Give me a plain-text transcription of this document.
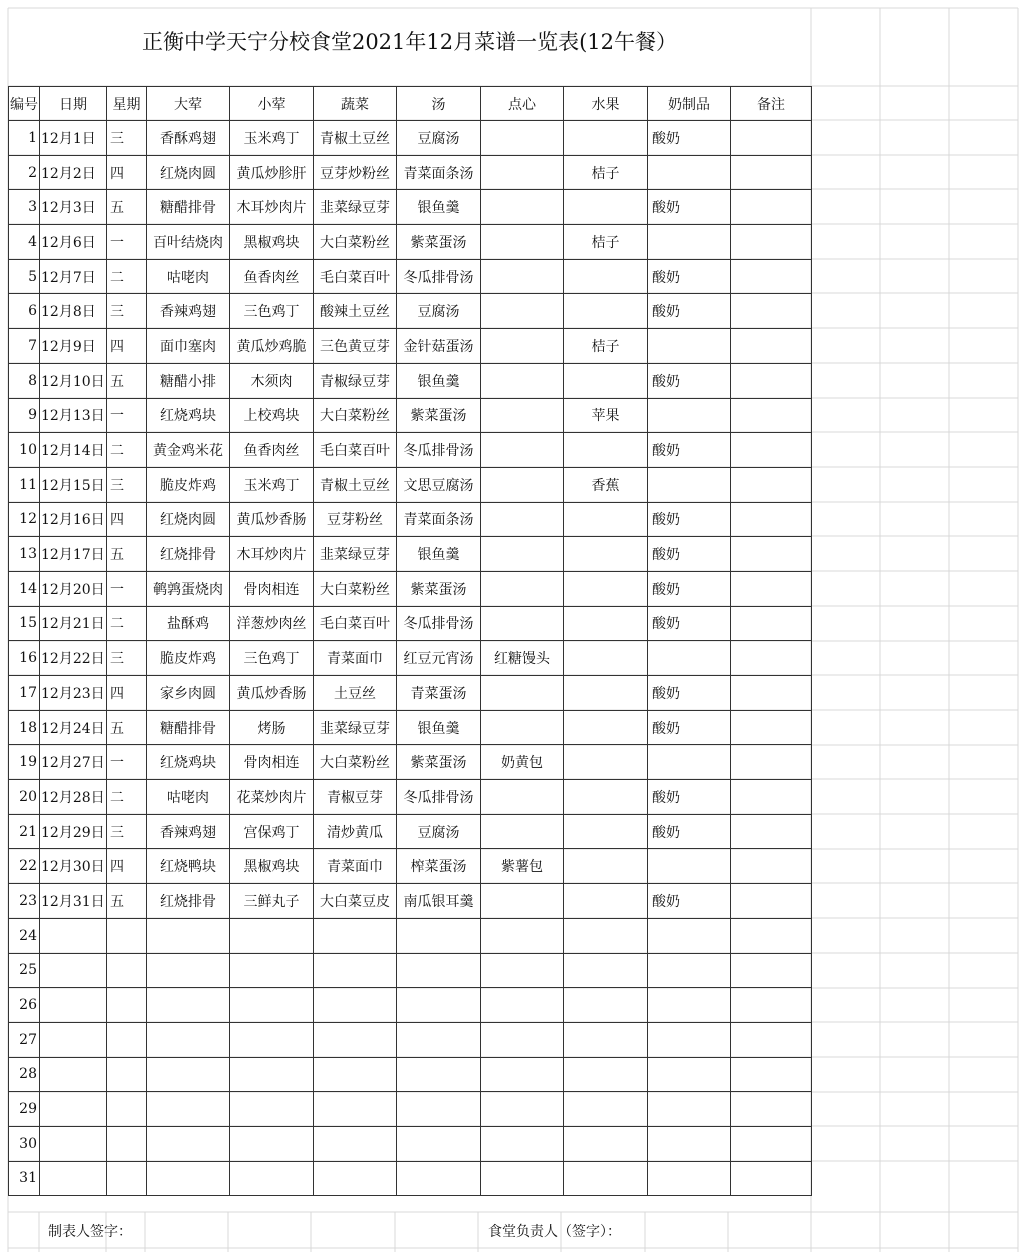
正衡中学天宁分校食堂2021年12月菜谱一览表(12午餐）
编号	日期	星期	大荤	小荤	蔬菜	汤	点心	水果	奶制品	备注
1	12月1日	三	香酥鸡翅	玉米鸡丁	青椒土豆丝	豆腐汤			酸奶	
2	12月2日	四	红烧肉圆	黄瓜炒胗肝	豆芽炒粉丝	青菜面条汤		桔子		
3	12月3日	五	糖醋排骨	木耳炒肉片	韭菜绿豆芽	银鱼羹			酸奶	
4	12月6日	一	百叶结烧肉	黑椒鸡块	大白菜粉丝	紫菜蛋汤		桔子		
5	12月7日	二	咕咾肉	鱼香肉丝	毛白菜百叶	冬瓜排骨汤			酸奶	
6	12月8日	三	香辣鸡翅	三色鸡丁	酸辣土豆丝	豆腐汤			酸奶	
7	12月9日	四	面巾塞肉	黄瓜炒鸡脆	三色黄豆芽	金针菇蛋汤		桔子		
8	12月10日	五	糖醋小排	木须肉	青椒绿豆芽	银鱼羹			酸奶	
9	12月13日	一	红烧鸡块	上校鸡块	大白菜粉丝	紫菜蛋汤		苹果		
10	12月14日	二	黄金鸡米花	鱼香肉丝	毛白菜百叶	冬瓜排骨汤			酸奶	
11	12月15日	三	脆皮炸鸡	玉米鸡丁	青椒土豆丝	文思豆腐汤		香蕉		
12	12月16日	四	红烧肉圆	黄瓜炒香肠	豆芽粉丝	青菜面条汤			酸奶	
13	12月17日	五	红烧排骨	木耳炒肉片	韭菜绿豆芽	银鱼羹			酸奶	
14	12月20日	一	鹌鹑蛋烧肉	骨肉相连	大白菜粉丝	紫菜蛋汤			酸奶	
15	12月21日	二	盐酥鸡	洋葱炒肉丝	毛白菜百叶	冬瓜排骨汤			酸奶	
16	12月22日	三	脆皮炸鸡	三色鸡丁	青菜面巾	红豆元宵汤	红糖馒头			
17	12月23日	四	家乡肉圆	黄瓜炒香肠	土豆丝	青菜蛋汤			酸奶	
18	12月24日	五	糖醋排骨	烤肠	韭菜绿豆芽	银鱼羹			酸奶	
19	12月27日	一	红烧鸡块	骨肉相连	大白菜粉丝	紫菜蛋汤	奶黄包			
20	12月28日	二	咕咾肉	花菜炒肉片	青椒豆芽	冬瓜排骨汤			酸奶	
21	12月29日	三	香辣鸡翅	宫保鸡丁	清炒黄瓜	豆腐汤			酸奶	
22	12月30日	四	红烧鸭块	黑椒鸡块	青菜面巾	榨菜蛋汤	紫薯包			
23	12月31日	五	红烧排骨	三鲜丸子	大白菜豆皮	南瓜银耳羹			酸奶	
24										
25										
26										
27										
28										
29										
30										
31										
制表人签字：	食堂负责人（签字）：
